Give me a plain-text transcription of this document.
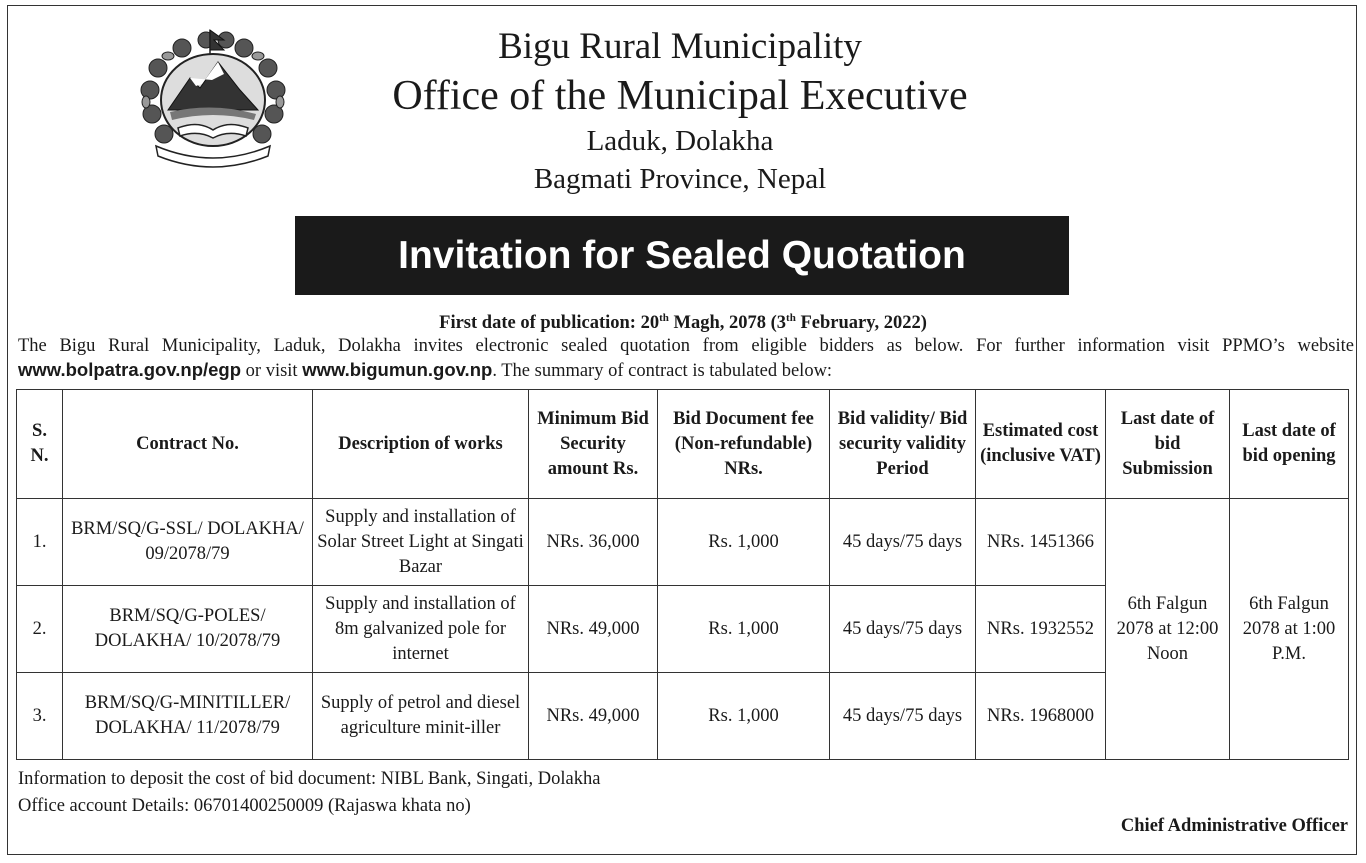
Bigu Rural Municipality
Office of the Municipal Executive
Laduk, Dolakha
Bagmati Province, Nepal
Invitation for Sealed Quotation
First date of publication: 20th Magh, 2078 (3th February, 2022)
The Bigu Rural Municipality, Laduk, Dolakha invites electronic sealed quotation from eligible bidders as below. For further information visit PPMO’s website www.bolpatra.gov.np/egp or visit www.bigumun.gov.np. The summary of contract is tabulated below:
S. N.	Contract No.	Description of works	Minimum Bid Security amount Rs.	Bid Document fee (Non-refundable) NRs.	Bid validity/ Bid security validity Period	Estimated cost (inclusive VAT)	Last date of bid Submission	Last date of bid opening
1.	BRM/SQ/G-SSL/ DOLAKHA/ 09/2078/79	Supply and installation of Solar Street Light at Singati Bazar	NRs. 36,000	Rs. 1,000	45 days/75 days	NRs. 1451366	6th Falgun 2078 at 12:00 Noon	6th Falgun 2078 at 1:00 P.M.
2.	BRM/SQ/G-POLES/ DOLAKHA/ 10/2078/79	Supply and installation of 8m galvanized pole for internet	NRs. 49,000	Rs. 1,000	45 days/75 days	NRs. 1932552		
3.	BRM/SQ/G-MINITILLER/ DOLAKHA/ 11/2078/79	Supply of petrol and diesel agriculture minit-iller	NRs. 49,000	Rs. 1,000	45 days/75 days	NRs. 1968000		
Information to deposit the cost of bid document: NIBL Bank, Singati, Dolakha
Office account Details: 06701400250009 (Rajaswa khata no)
Chief Administrative Officer
